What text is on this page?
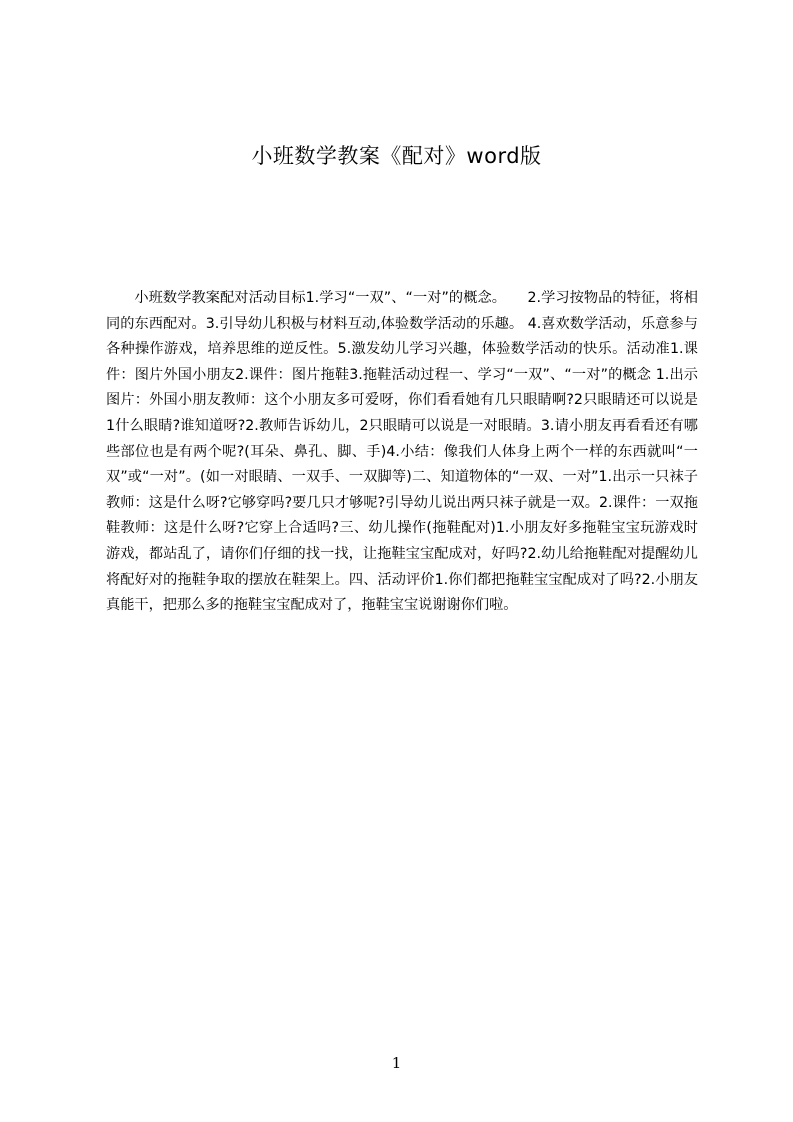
小班数学教案《配对》word版

小班数学教案配对活动目标1.学习“一双”、“一对”的概念。　　2.学习按物品的特征，将相同的东西配对。3.引导幼儿积极与材料互动,体验数学活动的乐趣。 4.喜欢数学活动，乐意参与各种操作游戏，培养思维的逆反性。5.激发幼儿学习兴趣，体验数学活动的快乐。活动准1.课件：图片外国小朋友2.课件：图片拖鞋3.拖鞋活动过程一、学习“一双”、“一对”的概念 1.出示图片：外国小朋友教师：这个小朋友多可爱呀，你们看看她有几只眼睛啊?2只眼睛还可以说是1什么眼睛?谁知道呀?2.教师告诉幼儿，2只眼睛可以说是一对眼睛。3.请小朋友再看看还有哪些部位也是有两个呢?(耳朵、鼻孔、脚、手)4.小结：像我们人体身上两个一样的东西就叫“一双”或“一对”。(如一对眼睛、一双手、一双脚等)二、知道物体的“一双、一对”1.出示一只袜子教师：这是什么呀?它够穿吗?要几只才够呢?引导幼儿说出两只袜子就是一双。2.课件：一双拖鞋教师：这是什么呀?它穿上合适吗?三、幼儿操作(拖鞋配对)1.小朋友好多拖鞋宝宝玩游戏时游戏，都站乱了，请你们仔细的找一找，让拖鞋宝宝配成对，好吗?2.幼儿给拖鞋配对提醒幼儿将配好对的拖鞋争取的摆放在鞋架上。四、活动评价1.你们都把拖鞋宝宝配成对了吗?2.小朋友真能干，把那么多的拖鞋宝宝配成对了，拖鞋宝宝说谢谢你们啦。

1
